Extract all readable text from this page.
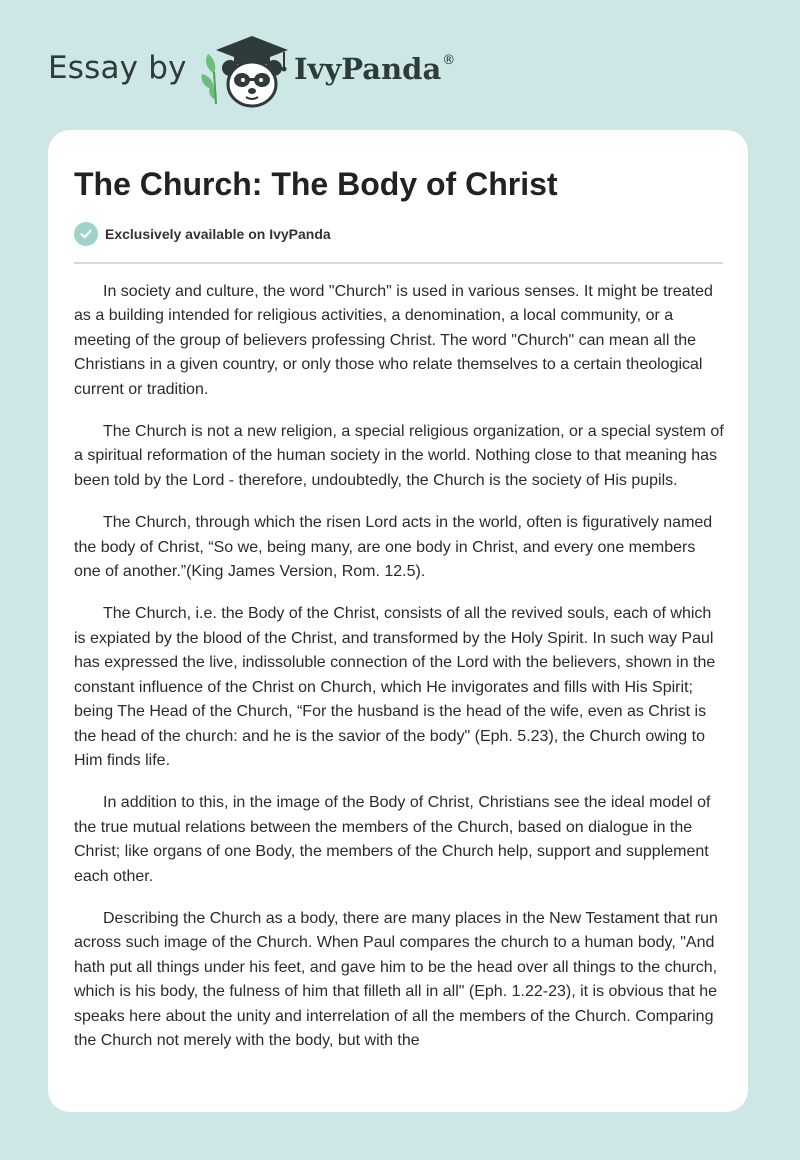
Essay by	IvyPanda®
The Church: The Body of Christ
Exclusively available on IvyPanda

In society and culture, the word "Church" is used in various senses. It might be treated as a building intended for religious activities, a denomination, a local community, or a meeting of the group of believers professing Christ. The word "Church" can mean all the Christians in a given country, or only those who relate themselves to a certain theological current or tradition.

The Church is not a new religion, a special religious organization, or a special system of a spiritual reformation of the human society in the world. Nothing close to that meaning has been told by the Lord - therefore, undoubtedly, the Church is the society of His pupils.

The Church, through which the risen Lord acts in the world, often is figuratively named the body of Christ, “So we, being many, are one body in Christ, and every one members one of another.”(King James Version, Rom. 12.5).

The Church, i.e. the Body of the Christ, consists of all the revived souls, each of which is expiated by the blood of the Christ, and transformed by the Holy Spirit. In such way Paul has expressed the live, indissoluble connection of the Lord with the believers, shown in the constant influence of the Christ on Church, which He invigorates and fills with His Spirit; being The Head of the Church, “For the husband is the head of the wife, even as Christ is the head of the church: and he is the savior of the body" (Eph. 5.23), the Church owing to Him finds life.

In addition to this, in the image of the Body of Christ, Christians see the ideal model of the true mutual relations between the members of the Church, based on dialogue in the Christ; like organs of one Body, the members of the Church help, support and supplement each other.

Describing the Church as a body, there are many places in the New Testament that run across such image of the Church. When Paul compares the church to a human body, "And hath put all things under his feet, and gave him to be the head over all things to the church, which is his body, the fulness of him that filleth all in all" (Eph. 1.22-23), it is obvious that he speaks here about the unity and interrelation of all the members of the Church. Comparing the Church not merely with the body, but with the
